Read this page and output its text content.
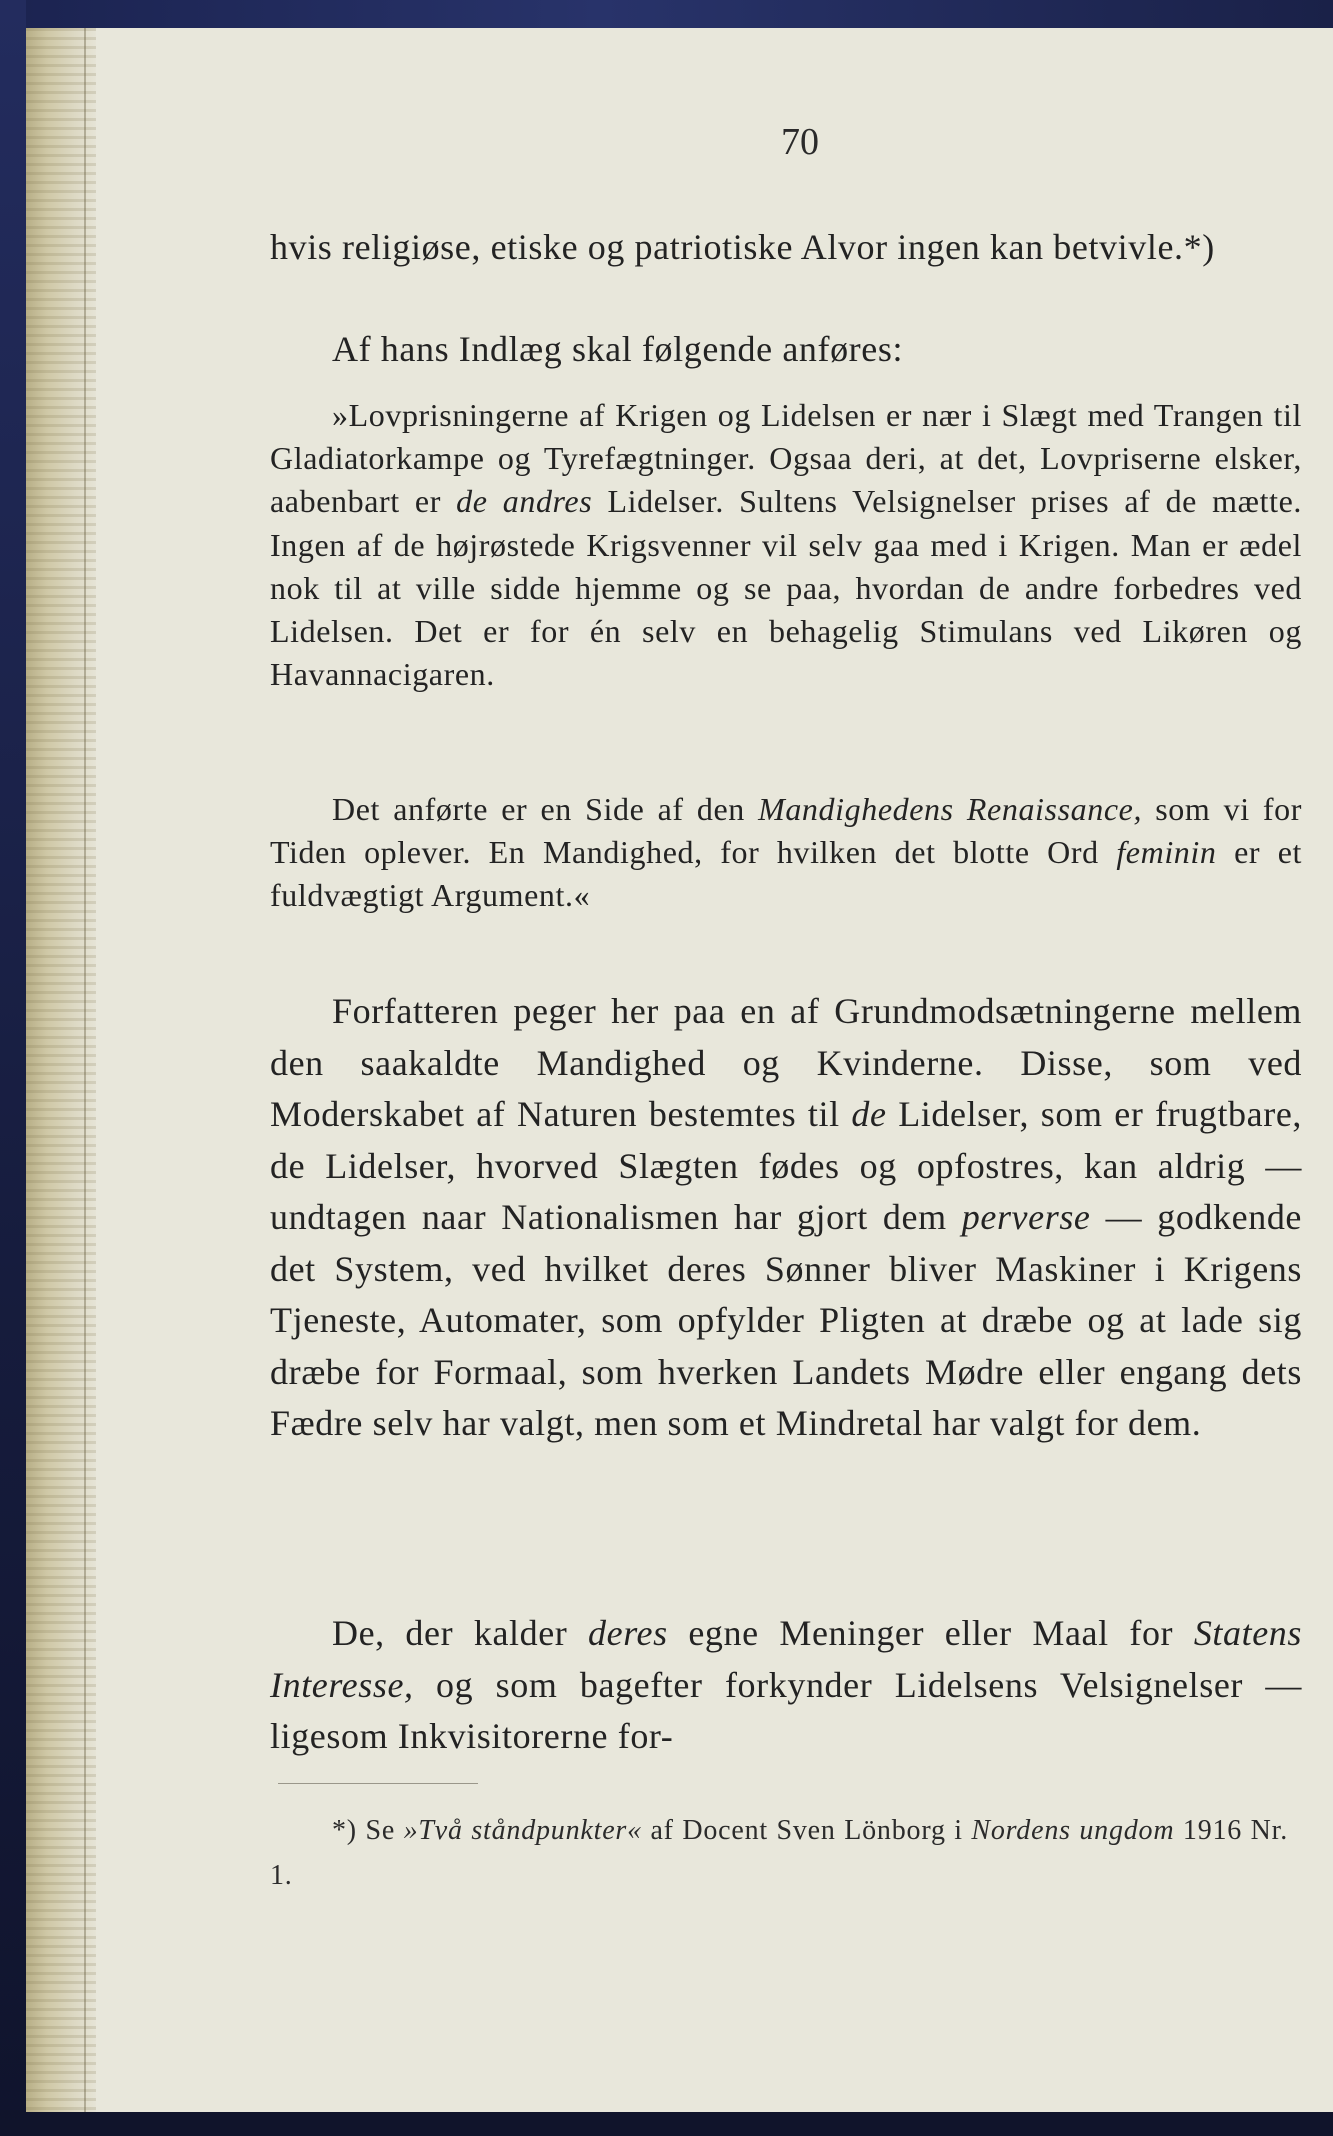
70

hvis religiøse, etiske og patriotiske Alvor ingen kan betvivle.*)

Af hans Indlæg skal følgende anføres:

»Lovprisningerne af Krigen og Lidelsen er nær i Slægt med Trangen til Gladiatorkampe og Tyrefægtninger. Ogsaa deri, at det, Lovpriserne elsker, aabenbart er de andres Lidelser. Sultens Velsignelser prises af de mætte. Ingen af de højrøstede Krigsvenner vil selv gaa med i Krigen. Man er ædel nok til at ville sidde hjemme og se paa, hvordan de andre forbedres ved Lidelsen. Det er for én selv en behagelig Stimulans ved Likøren og Havannacigaren.

Det anførte er en Side af den Mandighedens Renaissance, som vi for Tiden oplever. En Mandighed, for hvilken det blotte Ord feminin er et fuldvægtigt Argument.«

Forfatteren peger her paa en af Grundmodsætningerne mellem den saakaldte Mandighed og Kvinderne. Disse, som ved Moderskabet af Naturen bestemtes til de Lidelser, som er frugtbare, de Lidelser, hvorved Slægten fødes og opfostres, kan aldrig — undtagen naar Nationalismen har gjort dem perverse — godkende det System, ved hvilket deres Sønner bliver Maskiner i Krigens Tjeneste, Automater, som opfylder Pligten at dræbe og at lade sig dræbe for Formaal, som hverken Landets Mødre eller engang dets Fædre selv har valgt, men som et Mindretal har valgt for dem.

De, der kalder deres egne Meninger eller Maal for Statens Interesse, og som bagefter forkynder Lidelsens Velsignelser — ligesom Inkvisitorerne for-

*) Se »Två ståndpunkter« af Docent Sven Lönborg i Nordens ungdom 1916 Nr. 1.
